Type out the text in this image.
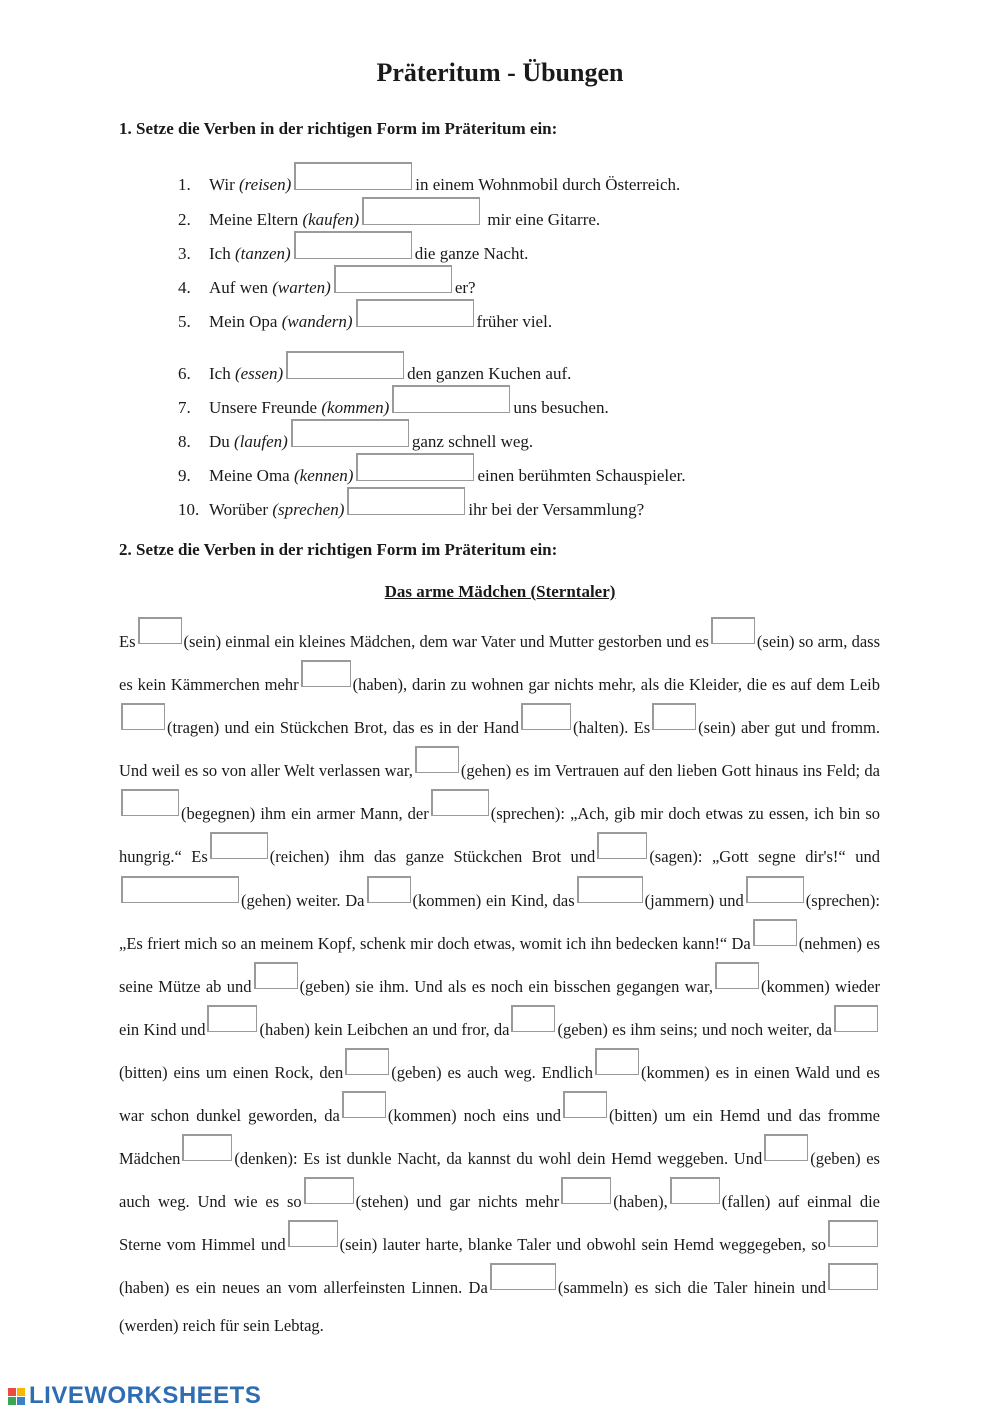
Präteritum - Übungen
1. Setze die Verben in der richtigen Form im Präteritum ein:
1. Wir (reisen)	in einem Wohnmobil durch Österreich.
2. Meine Eltern (kaufen)	mir eine Gitarre.
3. Ich (tanzen)	die ganze Nacht.
4. Auf wen (warten)	er?
5. Mein Opa (wandern)	früher viel.
6. Ich (essen)	den ganzen Kuchen auf.
7. Unsere Freunde (kommen)	uns besuchen.
8. Du (laufen)	ganz schnell weg.
9. Meine Oma (kennen)	einen berühmten Schauspieler.
10. Worüber (sprechen)	ihr bei der Versammlung?
2. Setze die Verben in der richtigen Form im Präteritum ein:
Das arme Mädchen (Sterntaler)

Es	(sein) einmal ein kleines Mädchen, dem war Vater und Mutter gestorben und es	(sein) so arm, dass es kein Kämmerchen mehr	(haben), darin zu wohnen gar nichts mehr, als die Kleider, die es auf dem Leib(tragen) und ein Stückchen Brot, das es in der Hand	(halten). Es	(sein) aber gut und fromm. Und weil es so von aller Welt verlassen war,	(gehen) es im Vertrauen auf den lieben Gott hinaus ins Feld; da(begegnen) ihm ein armer Mann, der	(sprechen): „Ach, gib mir doch etwas zu essen, ich bin so hungrig.“ Es	(reichen) ihm das ganze Stückchen Brot und	(sagen): „Gott segne dir's!“ und(gehen) weiter. Da	(kommen) ein Kind, das	(jammern) und	(sprechen): „Es friert mich so an meinem Kopf, schenk mir doch etwas, womit ich ihn bedecken kann!“ Da	(nehmen) es seine Mütze ab und	(geben) sie ihm. Und als es noch ein bisschen gegangen war,	(kommen) wieder ein Kind und	(haben) kein Leibchen an und fror, da	(geben) es ihm seins; und noch weiter, da(bitten) eins um einen Rock, den	(geben) es auch weg. Endlich	(kommen) es in einen Wald und es war schon dunkel geworden, da	(kommen) noch eins und	(bitten) um ein Hemd und das fromme Mädchen	(denken): Es ist dunkle Nacht, da kannst du wohl dein Hemd weggeben. Und	(geben) es auch weg. Und wie es so	(stehen) und gar nichts mehr	(haben),	(fallen) auf einmal die Sterne vom Himmel und	(sein) lauter harte, blanke Taler und obwohl sein Hemd weggegeben, so(haben) es ein neues an vom allerfeinsten Linnen. Da	(sammeln) es sich die Taler hinein und(werden) reich für sein Lebtag.

LIVEWORKSHEETS
